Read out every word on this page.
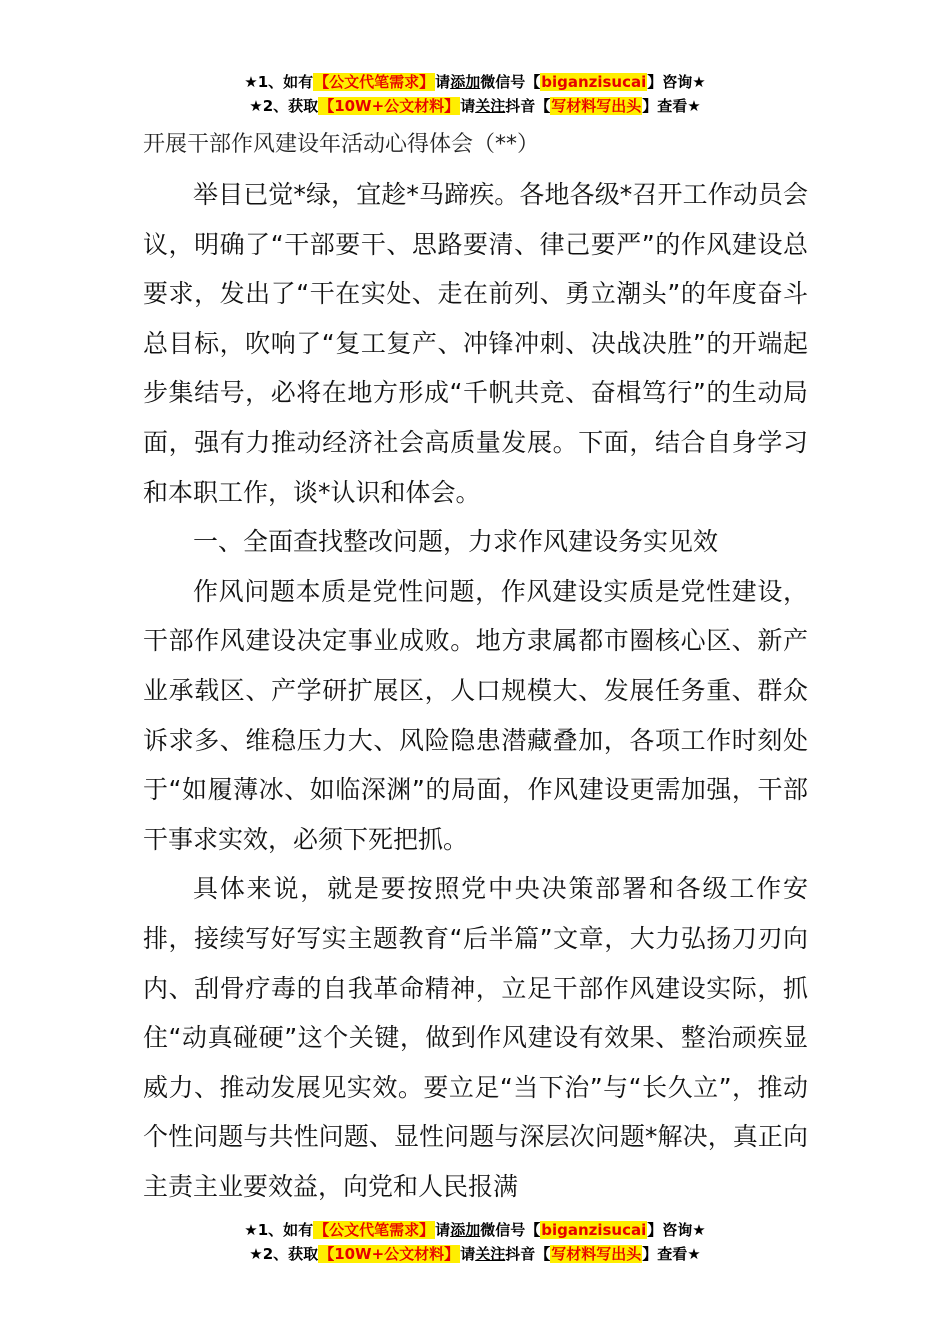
★1、如有【公文代笔需求】请添加微信号【biganzisucai】咨询★
★2、获取【10W+公文材料】请关注抖音【写材料写出头】查看★
开展干部作风建设年活动心得体会（**）

举目已觉*绿，宜趁*马蹄疾。各地各级*召开工作动员会议，明确了“干部要干、思路要清、律己要严”的作风建设总要求，发出了“干在实处、走在前列、勇立潮头”的年度奋斗总目标，吹响了“复工复产、冲锋冲刺、决战决胜”的开端起步集结号，必将在地方形成“千帆共竞、奋楫笃行”的生动局面，强有力推动经济社会高质量发展。下面，结合自身学习和本职工作，谈*认识和体会。

一、全面查找整改问题，力求作风建设务实见效

作风问题本质是党性问题，作风建设实质是党性建设，干部作风建设决定事业成败。地方隶属都市圈核心区、新产业承载区、产学研扩展区，人口规模大、发展任务重、群众诉求多、维稳压力大、风险隐患潜藏叠加，各项工作时刻处于“如履薄冰、如临深渊”的局面，作风建设更需加强，干部干事求实效，必须下死把抓。

具体来说，就是要按照党中央决策部署和各级工作安排，接续写好写实主题教育“后半篇”文章，大力弘扬刀刃向内、刮骨疗毒的自我革命精神，立足干部作风建设实际，抓住“动真碰硬”这个关键，做到作风建设有效果、整治顽疾显威力、推动发展见实效。要立足“当下治”与“长久立”，推动个性问题与共性问题、显性问题与深层次问题*解决，真正向主责主业要效益，向党和人民报满

★1、如有【公文代笔需求】请添加微信号【biganzisucai】咨询★
★2、获取【10W+公文材料】请关注抖音【写材料写出头】查看★
